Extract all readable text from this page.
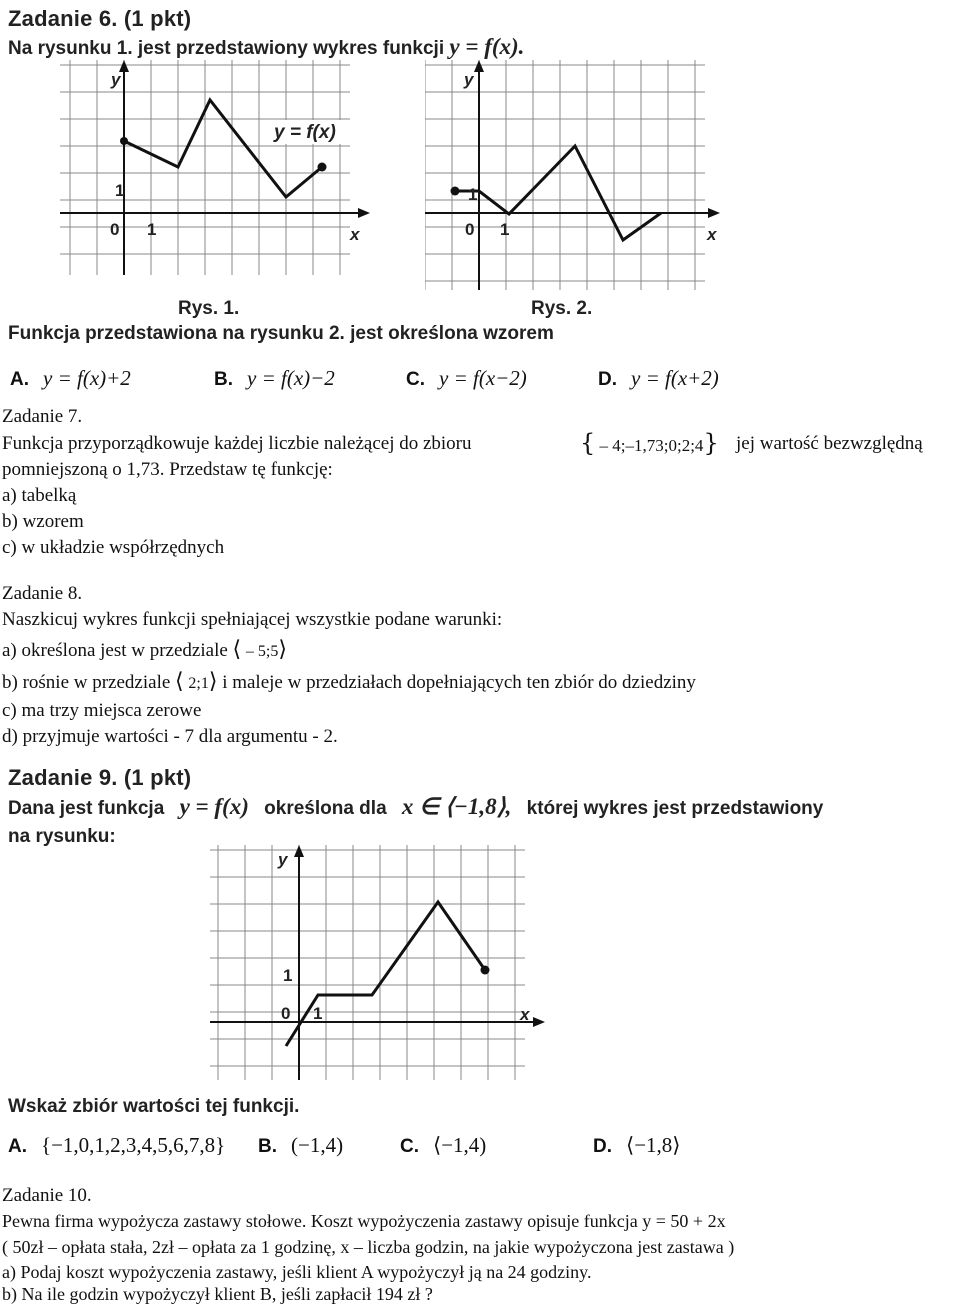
Zadanie 6. (1 pkt)
Na rysunku 1. jest przedstawiony wykres funkcji y = f(x).
y
x
1
0 1
y = f(x)
Rys. 1.
y
x
1
0 1
Rys. 2.
Funkcja przedstawiona na rysunku 2. jest określona wzorem
A. y = f(x)+2	B. y = f(x)−2	C. y = f(x−2)	D. y = f(x+2)
Zadanie 7.
Funkcja przyporządkowuje każdej liczbie należącej do zbioru	{ – 4;–1,73;0;2;4} jej wartość bezwzględną
pomniejszoną o 1,73. Przedstaw tę funkcję:
a) tabelką
b) wzorem
c) w układzie współrzędnych
Zadanie 8.
Naszkicuj wykres funkcji spełniającej wszystkie podane warunki:
a) określona jest w przedziale ⟨ – 5;5⟩
b) rośnie w przedziale ⟨ 2;1⟩ i maleje w przedziałach dopełniających ten zbiór do dziedziny
c) ma trzy miejsca zerowe
d) przyjmuje wartości - 7 dla argumentu - 2.
Zadanie 9. (1 pkt)
Dana jest funkcja y = f(x) określona dla x ∈ ⟨−1,8⟩, której wykres jest przedstawiony
na rysunku:
y
x
1
0 1
Wskaż zbiór wartości tej funkcji.
A. {−1,0,1,2,3,4,5,6,7,8} B. (−1,4)	C. ⟨−1,4)	D. ⟨−1,8⟩
Zadanie 10.
Pewna firma wypożycza zastawy stołowe. Koszt wypożyczenia zastawy opisuje funkcja y = 50 + 2x
( 50zł – opłata stała, 2zł – opłata za 1 godzinę, x – liczba godzin, na jakie wypożyczona jest zastawa )
a) Podaj koszt wypożyczenia zastawy, jeśli klient A wypożyczył ją na 24 godziny.
b) Na ile godzin wypożyczył klient B, jeśli zapłacił 194 zł ?
